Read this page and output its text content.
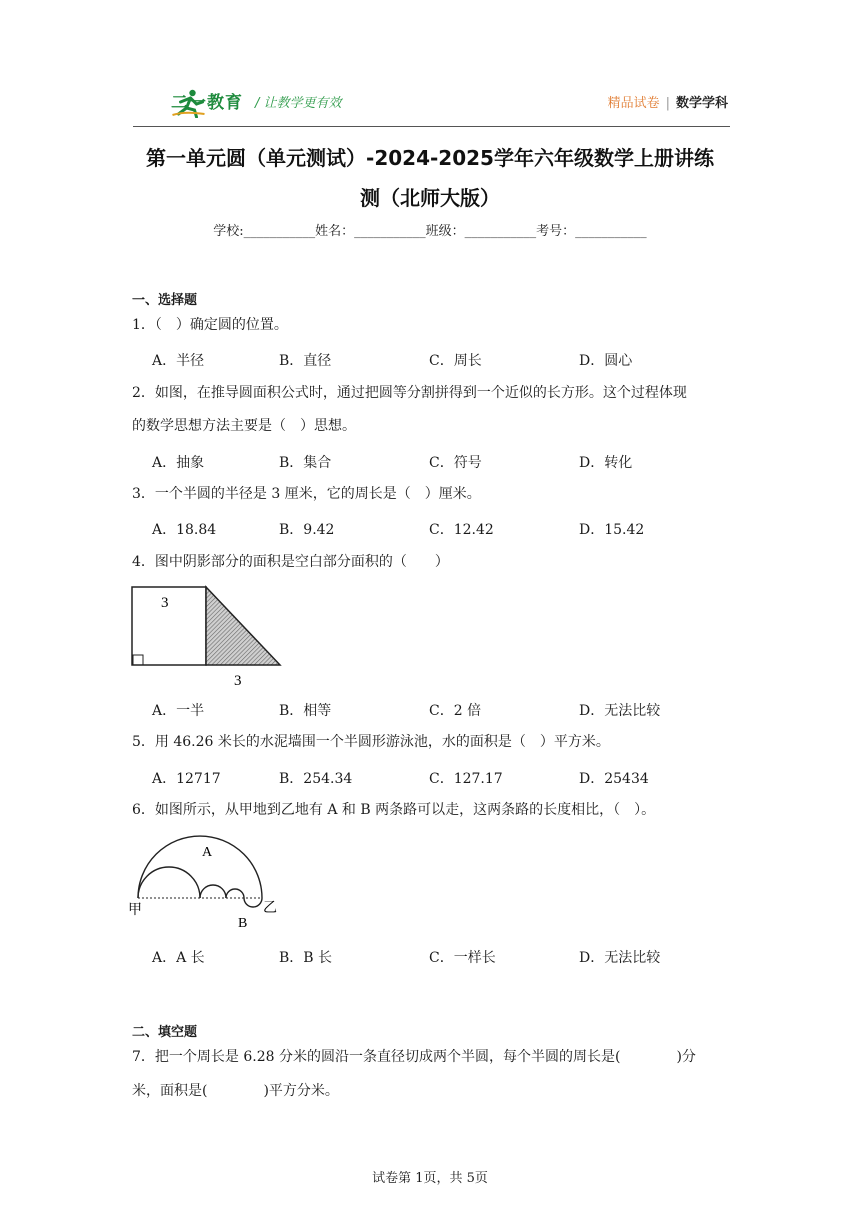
二一教育 / 让教学更有效	精品试卷 | 数学学科
第一单元圆（单元测试）-2024-2025学年六年级数学上册讲练
测（北师大版）
学校:___________姓名：___________班级：___________考号：___________
一、选择题
1．（　）确定圆的位置。
A．半径	B．直径	C．周长	D．圆心
2．如图，在推导圆面积公式时，通过把圆等分割拼得到一个近似的长方形。这个过程体现
的数学思想方法主要是（　）思想。
A．抽象	B．集合	C．符号	D．转化
3．一个半圆的半径是 3 厘米，它的周长是（　）厘米。
A．18.84	B．9.42	C．12.42	D．15.42
4．图中阴影部分的面积是空白部分面积的（　　）
3
3
A．一半	B．相等	C．2 倍	D．无法比较
5．用 46.26 米长的水泥墙围一个半圆形游泳池，水的面积是（　）平方米。
A．12717	B．254.34	C．127.17	D．25434
6．如图所示，从甲地到乙地有 A 和 B 两条路可以走，这两条路的长度相比，（　）。
A
B
甲	乙
A．A 长	B．B 长	C．一样长	D．无法比较
二、填空题
7．把一个周长是 6.28 分米的圆沿一条直径切成两个半圆，每个半圆的周长是(　　　　)分
米，面积是(　　　　)平方分米。
试卷第 1页，共 5页
